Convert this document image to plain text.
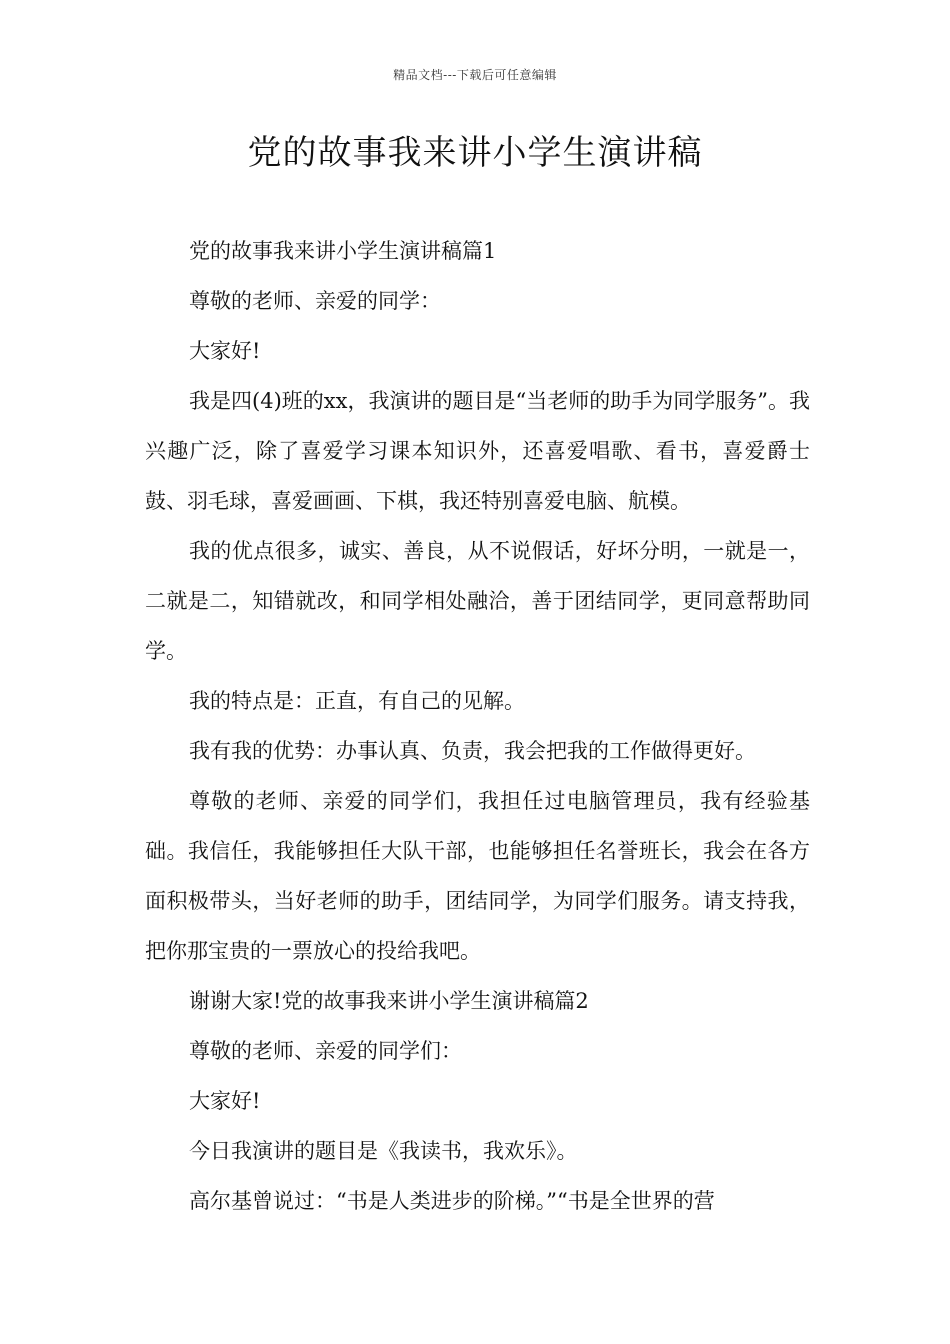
精品文档---下载后可任意编辑
党的故事我来讲小学生演讲稿

党的故事我来讲小学生演讲稿篇1

尊敬的老师、亲爱的同学：

大家好!

我是四(4)班的xx，我演讲的题目是“当老师的助手为同学服务”。我兴趣广泛，除了喜爱学习课本知识外，还喜爱唱歌、看书，喜爱爵士鼓、羽毛球，喜爱画画、下棋，我还特别喜爱电脑、航模。

我的优点很多，诚实、善良，从不说假话，好坏分明，一就是一，二就是二，知错就改，和同学相处融洽，善于团结同学，更同意帮助同学。

我的特点是：正直，有自己的见解。

我有我的优势：办事认真、负责，我会把我的工作做得更好。

尊敬的老师、亲爱的同学们，我担任过电脑管理员，我有经验基础。我信任，我能够担任大队干部，也能够担任名誉班长，我会在各方面积极带头，当好老师的助手，团结同学，为同学们服务。请支持我，把你那宝贵的一票放心的投给我吧。

谢谢大家!党的故事我来讲小学生演讲稿篇2

尊敬的老师、亲爱的同学们：

大家好!

今日我演讲的题目是《我读书，我欢乐》。

高尔基曾说过：“书是人类进步的阶梯。”“书是全世界的营
